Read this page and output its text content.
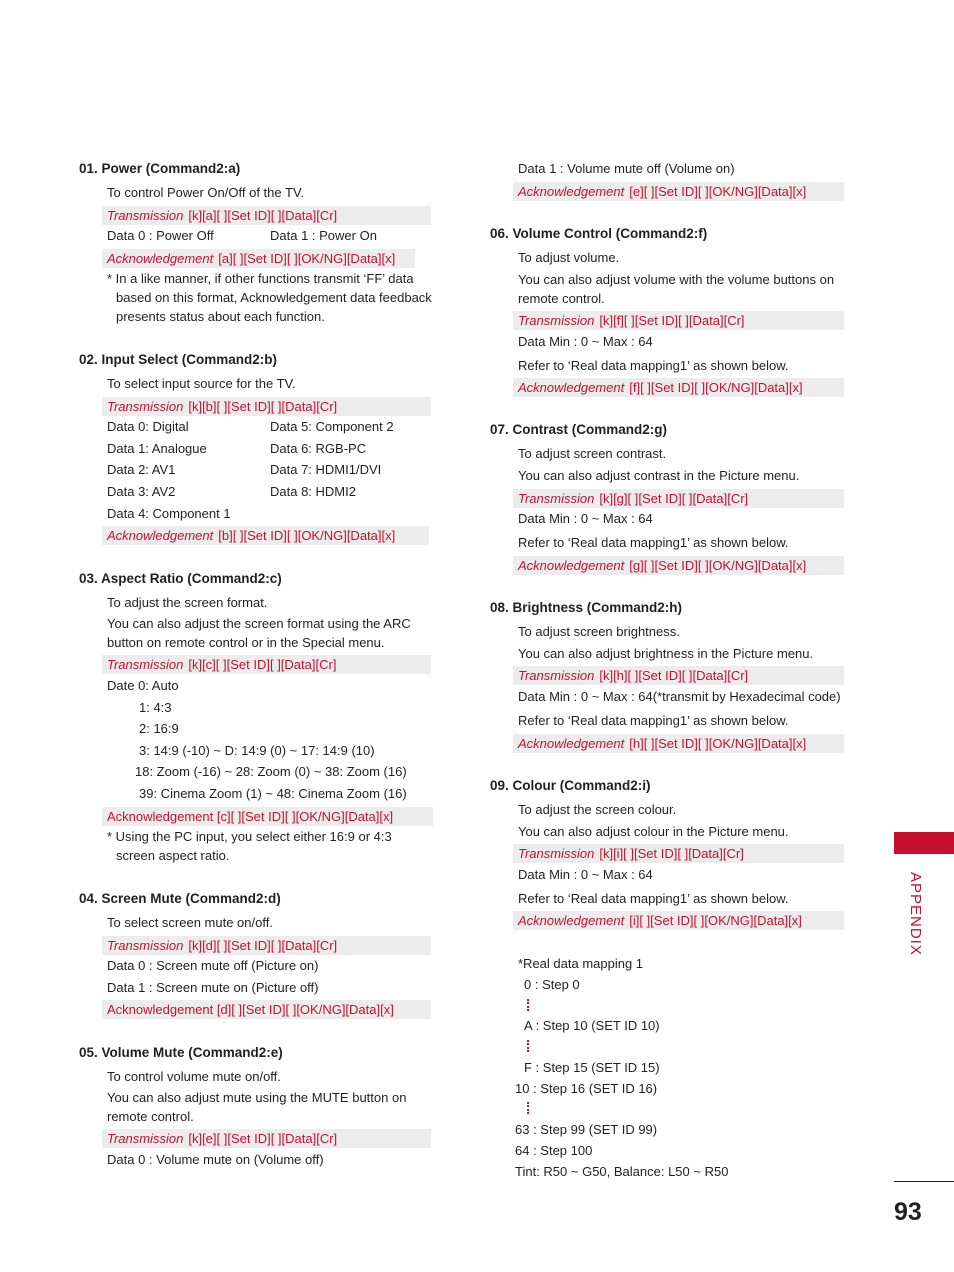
01. Power (Command2:a)
To control Power On/Off of the TV.
Transmission [k][a][ ][Set ID][ ][Data][Cr]
Data 0 : Power Off	Data 1 : Power On
Acknowledgement [a][ ][Set ID][ ][OK/NG][Data][x]
* In a like manner, if other functions transmit ‘FF’ data
based on this format, Acknowledgement data feedback
presents status about each function.
02. Input Select (Command2:b)
To select input source for the TV.
Transmission [k][b][ ][Set ID][ ][Data][Cr]
Data 0: Digital	Data 5: Component 2
Data 1: Analogue	Data 6: RGB-PC
Data 2: AV1	Data 7: HDMI1/DVI
Data 3: AV2	Data 8: HDMI2
Data 4: Component 1
Acknowledgement [b][ ][Set ID][ ][OK/NG][Data][x]
03. Aspect Ratio (Command2:c)
To adjust the screen format.
You can also adjust the screen format using the ARC
button on remote control or in the Special menu.
Transmission [k][c][ ][Set ID][ ][Data][Cr]
Date 0: Auto
1: 4:3
2: 16:9
3: 14:9 (-10) ~ D: 14:9 (0) ~ 17: 14:9 (10)
18: Zoom (-16) ~ 28: Zoom (0) ~ 38: Zoom (16)
39: Cinema Zoom (1) ~ 48: Cinema Zoom (16)
Acknowledgement [c][ ][Set ID][ ][OK/NG][Data][x]
* Using the PC input, you select either 16:9 or 4:3
screen aspect ratio.
04. Screen Mute (Command2:d)
To select screen mute on/off.
Transmission [k][d][ ][Set ID][ ][Data][Cr]
Data 0 : Screen mute off (Picture on)
Data 1 : Screen mute on (Picture off)
Acknowledgement [d][ ][Set ID][ ][OK/NG][Data][x]
05. Volume Mute (Command2:e)
To control volume mute on/off.
You can also adjust mute using the MUTE button on
remote control.
Transmission [k][e][ ][Set ID][ ][Data][Cr]
Data 0 : Volume mute on (Volume off)
Data 1 : Volume mute off (Volume on)
Acknowledgement [e][ ][Set ID][ ][OK/NG][Data][x]
06. Volume Control (Command2:f)
To adjust volume.
You can also adjust volume with the volume buttons on
remote control.
Transmission [k][f][ ][Set ID][ ][Data][Cr]
Data Min : 0 ~ Max : 64
Refer to ‘Real data mapping1’ as shown below.
Acknowledgement [f][ ][Set ID][ ][OK/NG][Data][x]
07. Contrast (Command2:g)
To adjust screen contrast.
You can also adjust contrast in the Picture menu.
Transmission [k][g][ ][Set ID][ ][Data][Cr]
Data Min : 0 ~ Max : 64
Refer to ‘Real data mapping1’ as shown below.
Acknowledgement [g][ ][Set ID][ ][OK/NG][Data][x]
08. Brightness (Command2:h)
To adjust screen brightness.
You can also adjust brightness in the Picture menu.
Transmission [k][h][ ][Set ID][ ][Data][Cr]
Data Min : 0 ~ Max : 64(*transmit by Hexadecimal code)
Refer to ‘Real data mapping1’ as shown below.
Acknowledgement [h][ ][Set ID][ ][OK/NG][Data][x]
09. Colour (Command2:i)
To adjust the screen colour.
You can also adjust colour in the Picture menu.
Transmission [k][i][ ][Set ID][ ][Data][Cr]
Data Min : 0 ~ Max : 64
Refer to ‘Real data mapping1’ as shown below.
Acknowledgement [i][ ][Set ID][ ][OK/NG][Data][x]
*Real data mapping 1
0 : Step 0
A : Step 10 (SET ID 10)
F : Step 15 (SET ID 15)
10 : Step 16 (SET ID 16)
63 : Step 99 (SET ID 99)
64 : Step 100
Tint: R50 ~ G50, Balance: L50 ~ R50
APPENDIX
93
